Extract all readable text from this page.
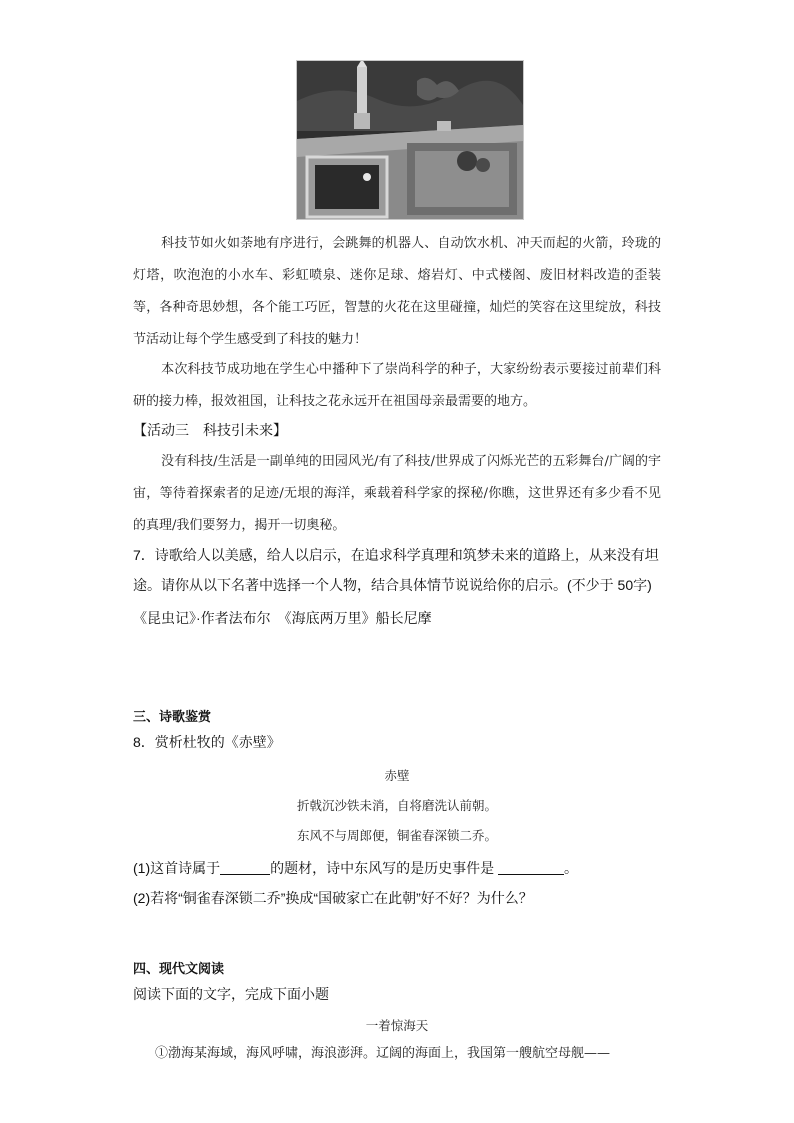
科技节如火如荼地有序进行，会跳舞的机器人、自动饮水机、冲天而起的火箭，玲珑的灯塔，吹泡泡的小水车、彩虹喷泉、迷你足球、熔岩灯、中式楼阁、废旧材料改造的歪装等，各种奇思妙想，各个能工巧匠，智慧的火花在这里碰撞，灿烂的笑容在这里绽放，科技节活动让每个学生感受到了科技的魅力！
本次科技节成功地在学生心中播种下了崇尚科学的种子，大家纷纷表示要接过前辈们科研的接力棒，报效祖国，让科技之花永远开在祖国母亲最需要的地方。
【活动三　科技引未来】
没有科技/生活是一副单纯的田园风光/有了科技/世界成了闪烁光芒的五彩舞台/广阔的宇宙，等待着探索者的足迹/无垠的海洋，乘载着科学家的探秘/你瞧，这世界还有多少看不见的真理/我们要努力，揭开一切奥秘。
7．诗歌给人以美感，给人以启示，在追求科学真理和筑梦未来的道路上，从来没有坦途。请你从以下名著中选择一个人物，结合具体情节说说给你的启示。(不少于 50字)
《昆虫记》·作者法布尔　《海底两万里》船长尼摩
三、诗歌鉴赏
8．赏析杜牧的《赤壁》
赤壁
折戟沉沙铁未消，自将磨洗认前朝。
东风不与周郎便，铜雀春深锁二乔。
(1)这首诗属于	的题材，诗中东风写的是历史事件是	。
(2)若将“铜雀春深锁二乔”换成“国破家亡在此朝”好不好？为什么？
四、现代文阅读
阅读下面的文字，完成下面小题
一着惊海天
①渤海某海域，海风呼啸，海浪澎湃。辽阔的海面上，我国第一艘航空母舰——
